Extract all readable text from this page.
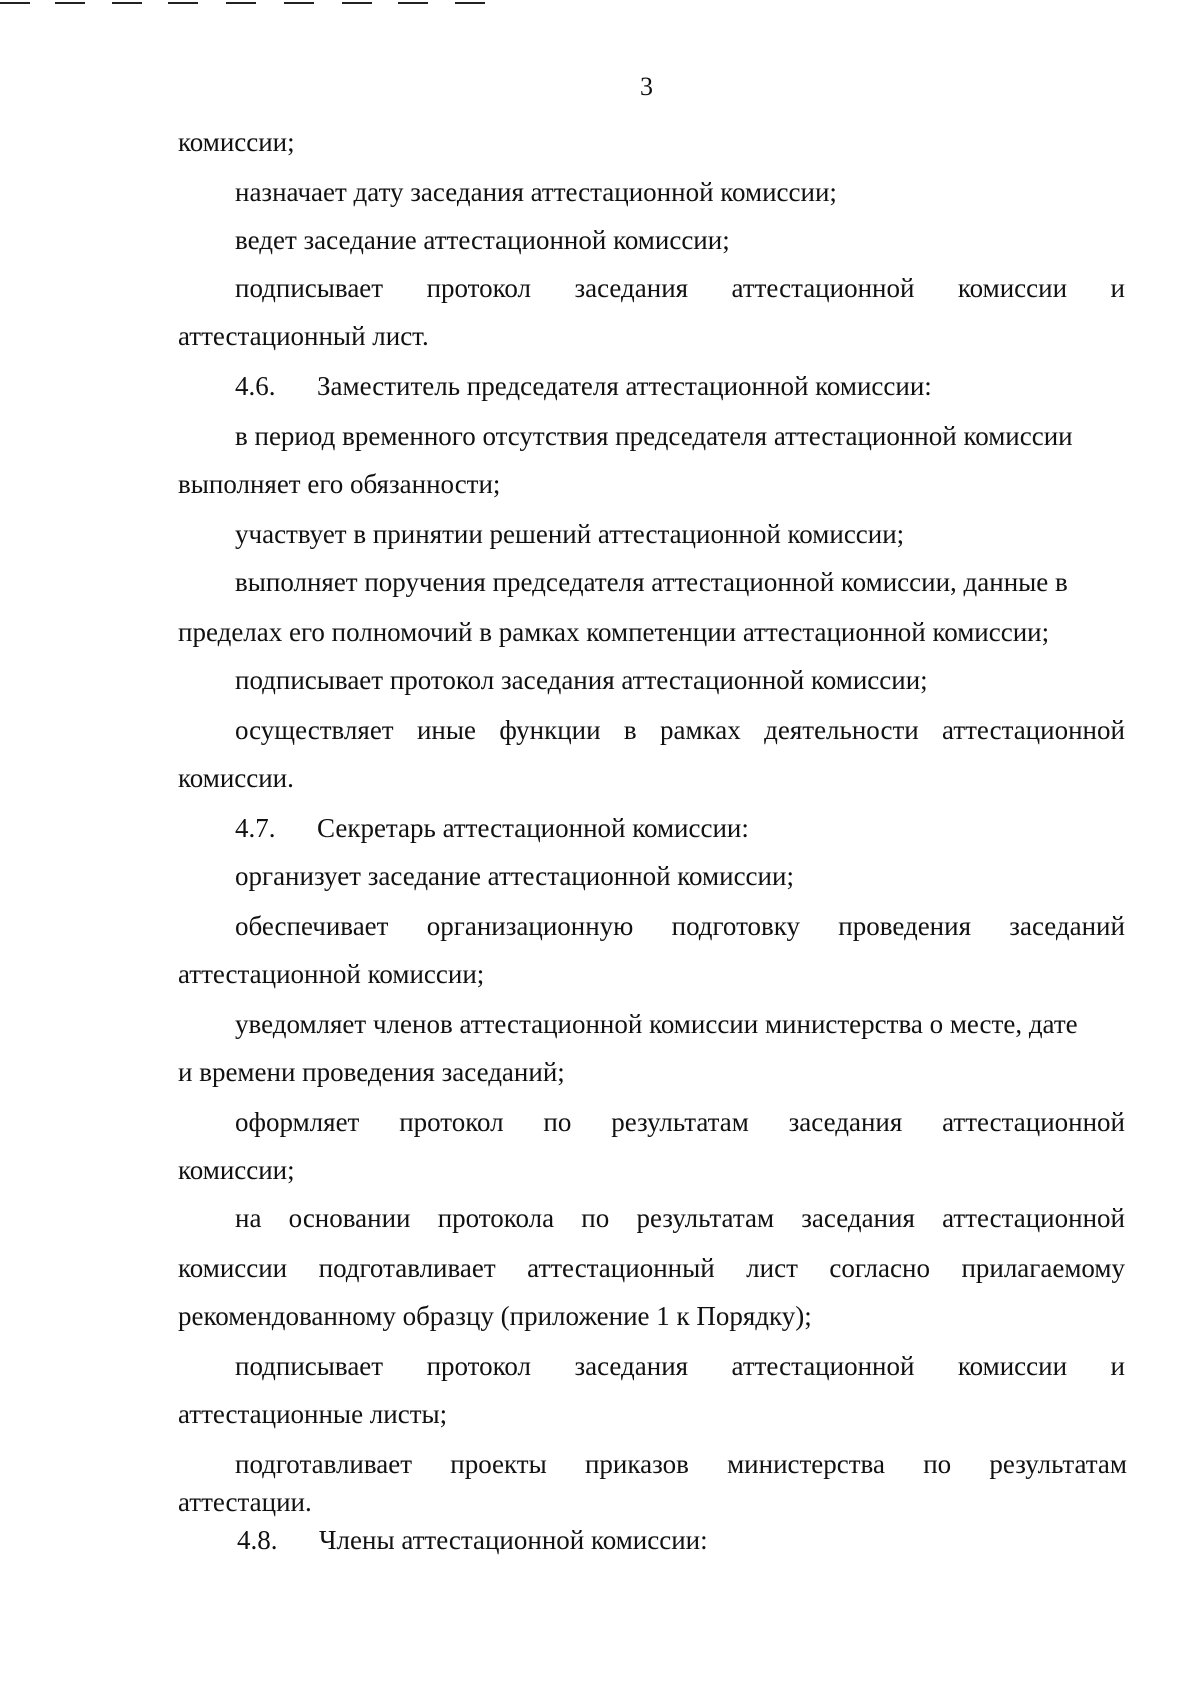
3
комиссии;
назначает дату заседания аттестационной комиссии;
ведет заседание аттестационной комиссии;
подписывает протокол заседания аттестационной комиссии и
аттестационный лист.
4.6. Заместитель председателя аттестационной комиссии:
в период временного отсутствия председателя аттестационной комиссии
выполняет его обязанности;
участвует в принятии решений аттестационной комиссии;
выполняет поручения председателя аттестационной комиссии, данные в
пределах его полномочий в рамках компетенции аттестационной комиссии;
подписывает протокол заседания аттестационной комиссии;
осуществляет иные функции в рамках деятельности аттестационной
комиссии.
4.7. Секретарь аттестационной комиссии:
организует заседание аттестационной комиссии;
обеспечивает организационную подготовку проведения заседаний
аттестационной комиссии;
уведомляет членов аттестационной комиссии министерства о месте, дате
и времени проведения заседаний;
оформляет протокол по результатам заседания аттестационной
комиссии;
на основании протокола по результатам заседания аттестационной
комиссии подготавливает аттестационный лист согласно прилагаемому
рекомендованному образцу (приложение 1 к Порядку);
подписывает протокол заседания аттестационной комиссии и
аттестационные листы;
подготавливает проекты приказов министерства по результатам
аттестации.
4.8. Члены аттестационной комиссии:
